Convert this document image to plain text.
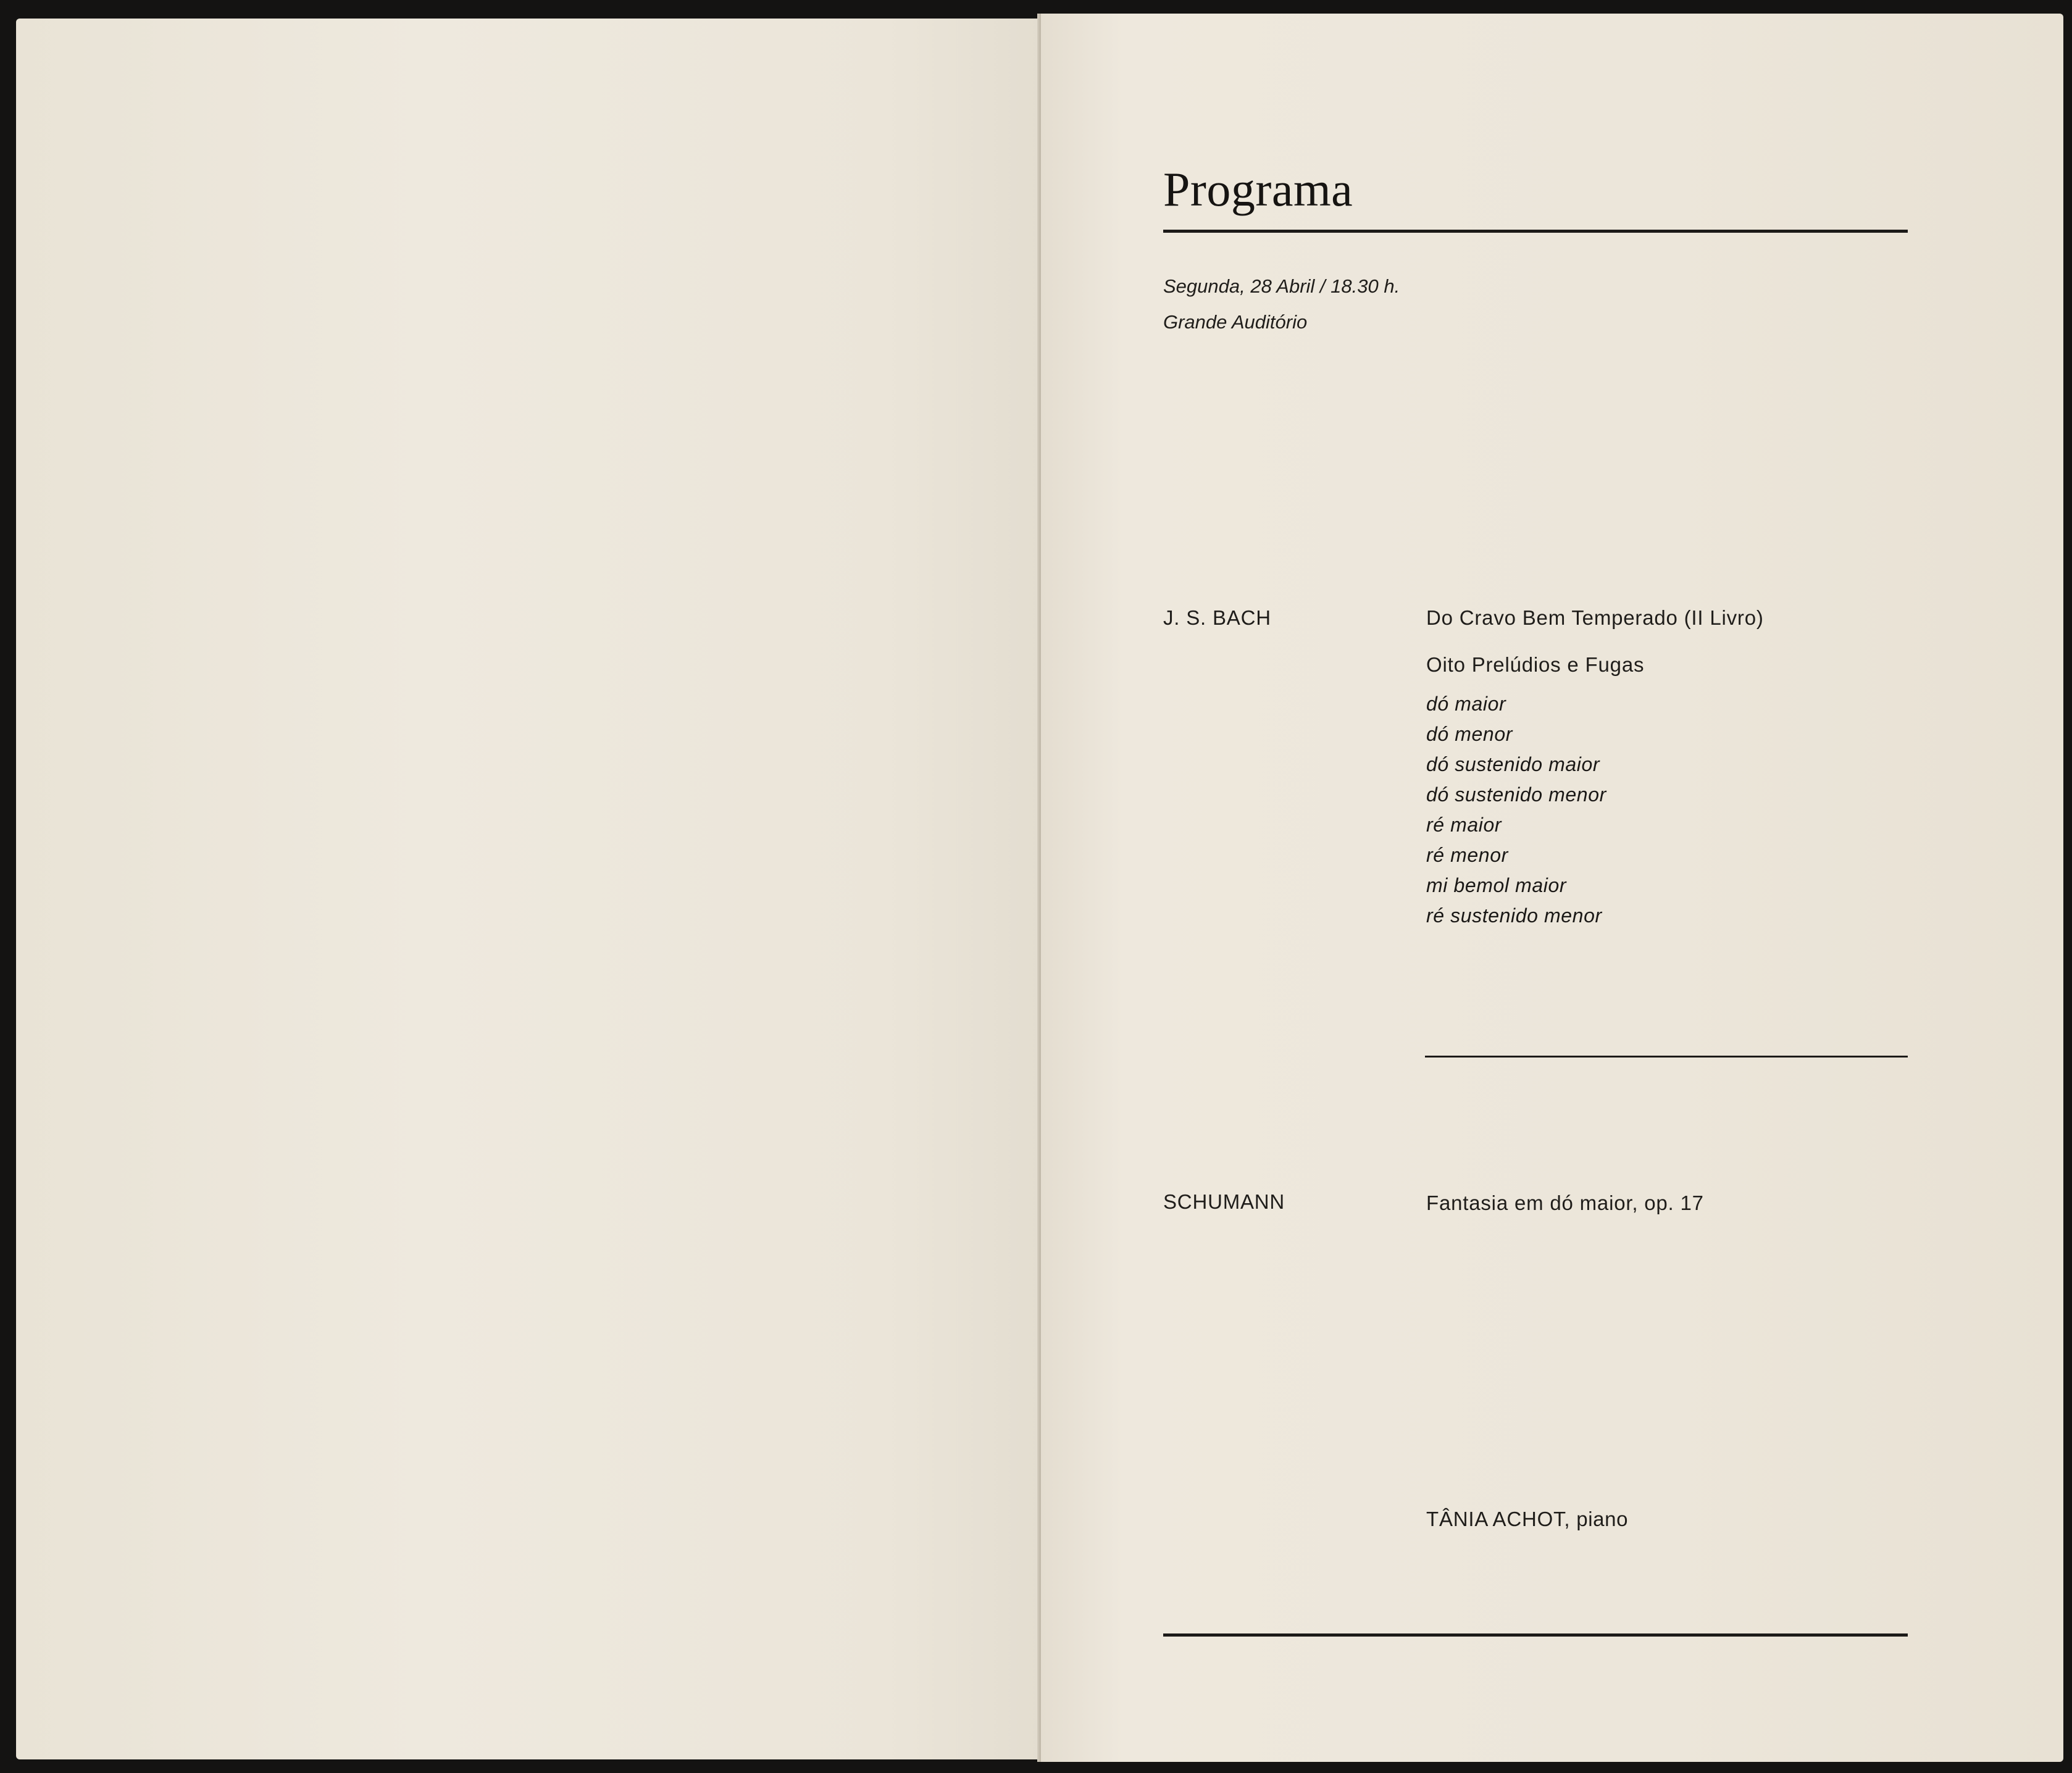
Programa
Segunda, 28 Abril / 18.30 h.
Grande Auditório
J. S. BACH	Do Cravo Bem Temperado (II Livro)
Oito Prelúdios e Fugas
dó maior
dó menor
dó sustenido maior
dó sustenido menor
ré maior
ré menor
mi bemol maior
ré sustenido menor
SCHUMANN	Fantasia em dó maior, op. 17
TÂNIA ACHOT, piano
